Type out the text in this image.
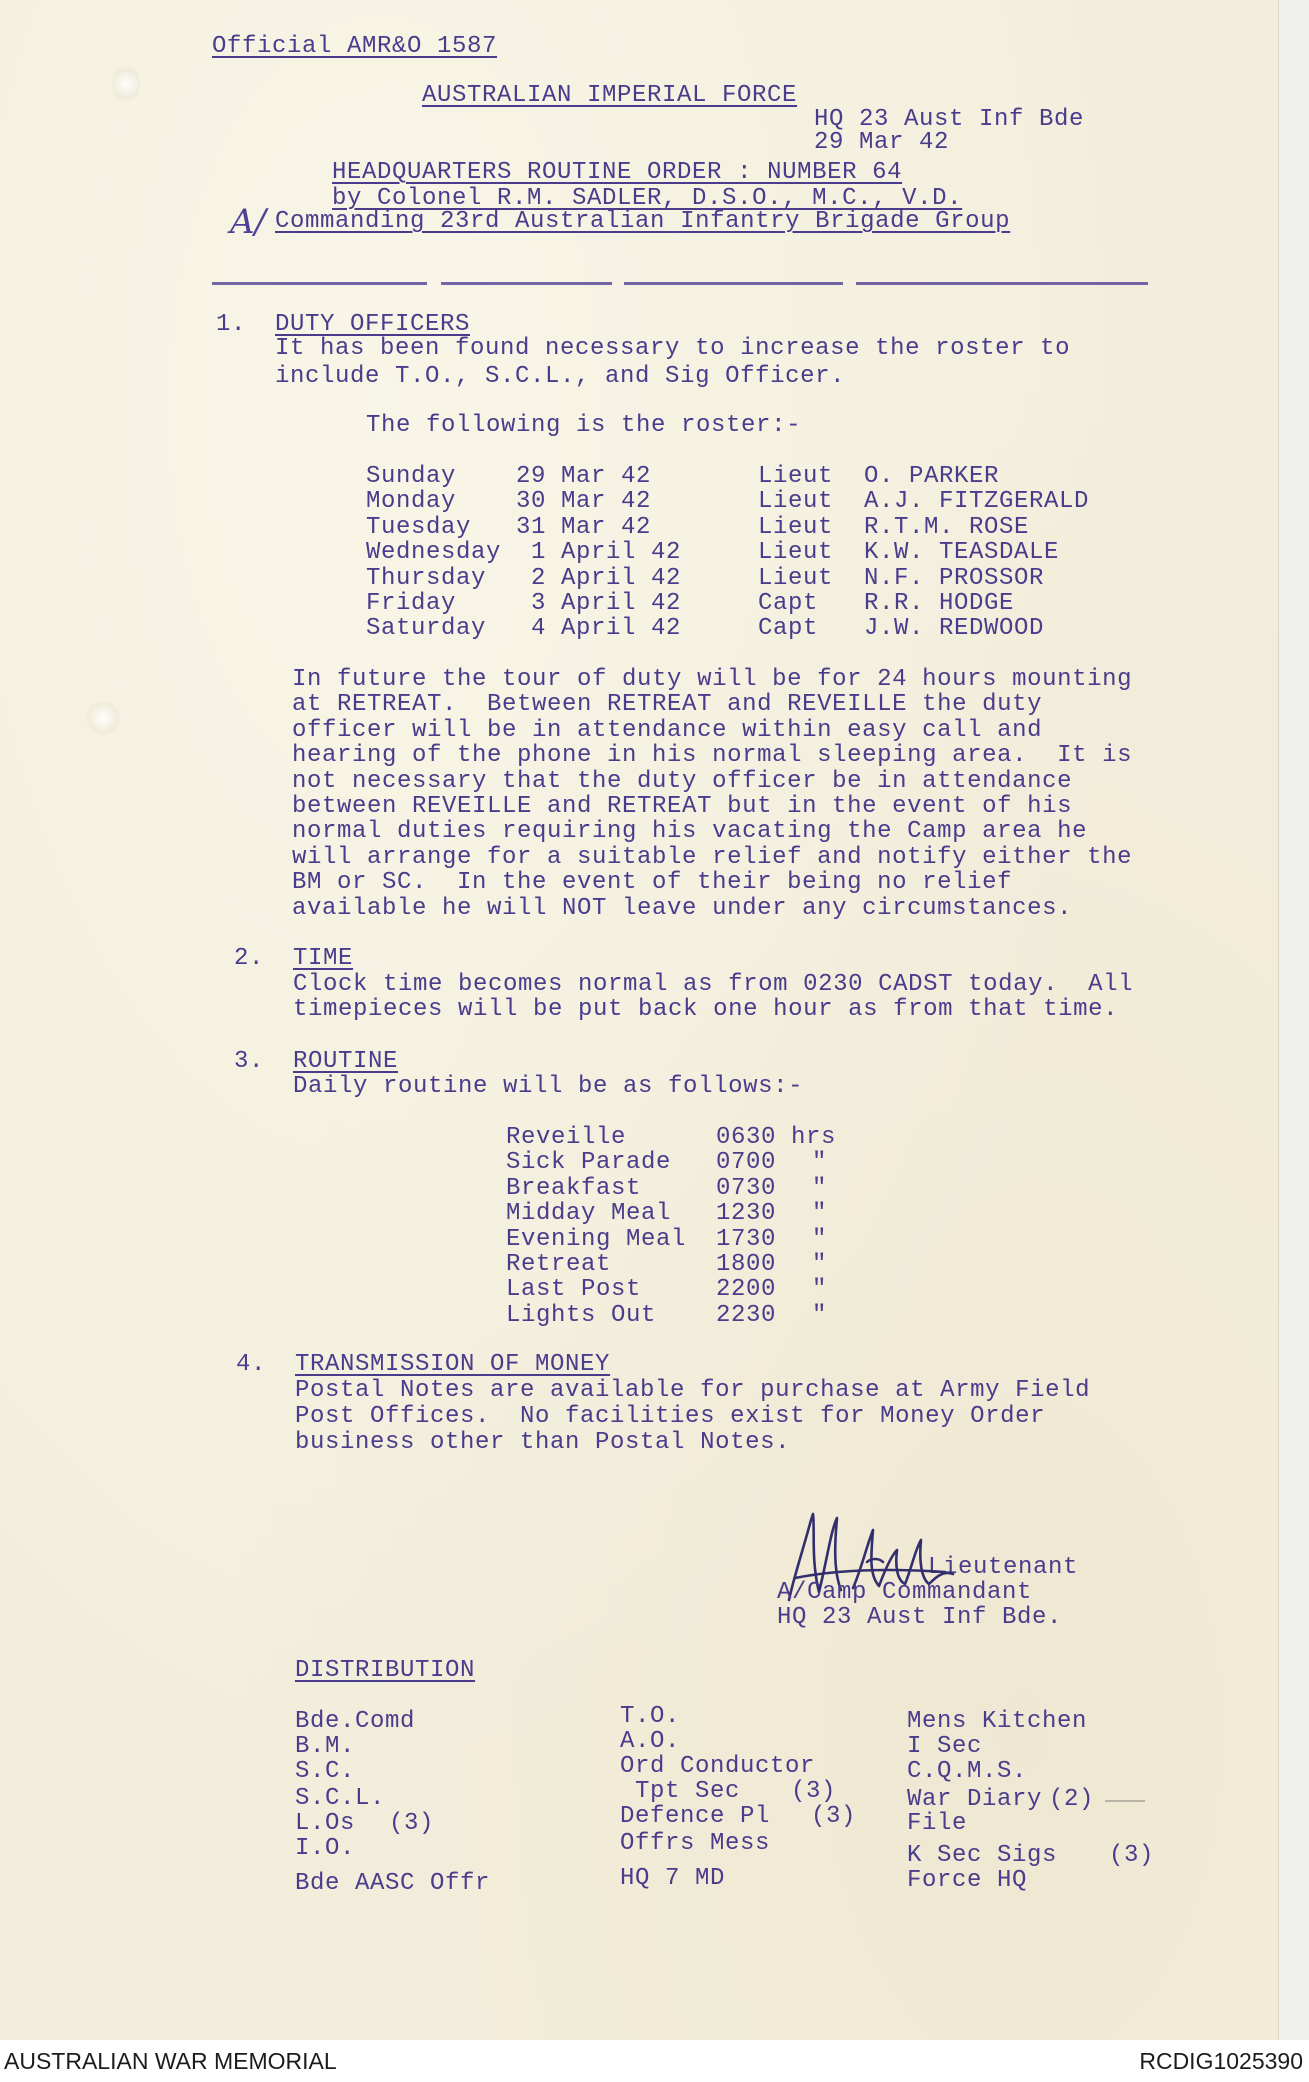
Official AMR&O 1587
AUSTRALIAN IMPERIAL FORCE
HQ 23 Aust Inf Bde
29 Mar 42
HEADQUARTERS ROUTINE ORDER : NUMBER 64
by Colonel R.M. SADLER, D.S.O., M.C., V.D.
A/ Commanding 23rd Australian Infantry Brigade Group
1. DUTY OFFICERS
It has been found necessary to increase the roster to
include T.O., S.C.L., and Sig Officer.
The following is the roster:-
Sunday 29 Mar 42	Lieut O. PARKER
Monday 30 Mar 42	Lieut A.J. FITZGERALD
Tuesday 31 Mar 42	Lieut R.T.M. ROSE
Wednesday 1 April 42	Lieut K.W. TEASDALE
Thursday 2 April 42	Lieut N.F. PROSSOR
Friday	3 April 42	Capt R.R. HODGE
Saturday 4 April 42	Capt J.W. REDWOOD
In future the tour of duty will be for 24 hours mounting
at RETREAT.  Between RETREAT and REVEILLE the duty
officer will be in attendance within easy call and
hearing of the phone in his normal sleeping area.  It is
not necessary that the duty officer be in attendance
between REVEILLE and RETREAT but in the event of his
normal duties requiring his vacating the Camp area he
will arrange for a suitable relief and notify either the
BM or SC.  In the event of their being no relief
available he will NOT leave under any circumstances.
2. TIME
Clock time becomes normal as from 0230 CADST today.  All
timepieces will be put back one hour as from that time.
3. ROUTINE
Daily routine will be as follows:-
Reveille	0630 hrs
Sick Parade 0700 "
Breakfast	0730 "
Midday Meal 1230 "
Evening Meal 1730 "
Retreat	1800 "
Last Post	2200 "
Lights Out 2230 "
4. TRANSMISSION OF MONEY
Postal Notes are available for purchase at Army Field
Post Offices.  No facilities exist for Money Order
business other than Postal Notes.
Lieutenant
A/Camp Commandant
HQ 23 Aust Inf Bde.
DISTRIBUTION
Bde.Comd
B.M.
S.C.
S.C.L.
L.Os (3)
I.O.
Bde AASC Offr
T.O.
A.O.
Ord Conductor
Tpt Sec (3)
Defence Pl (3)
Offrs Mess
HQ 7 MD
Mens Kitchen
I Sec
C.Q.M.S.
War Diary (2)
File
K Sec Sigs (3)
Force HQ
AUSTRALIAN WAR MEMORIAL	RCDIG1025390
